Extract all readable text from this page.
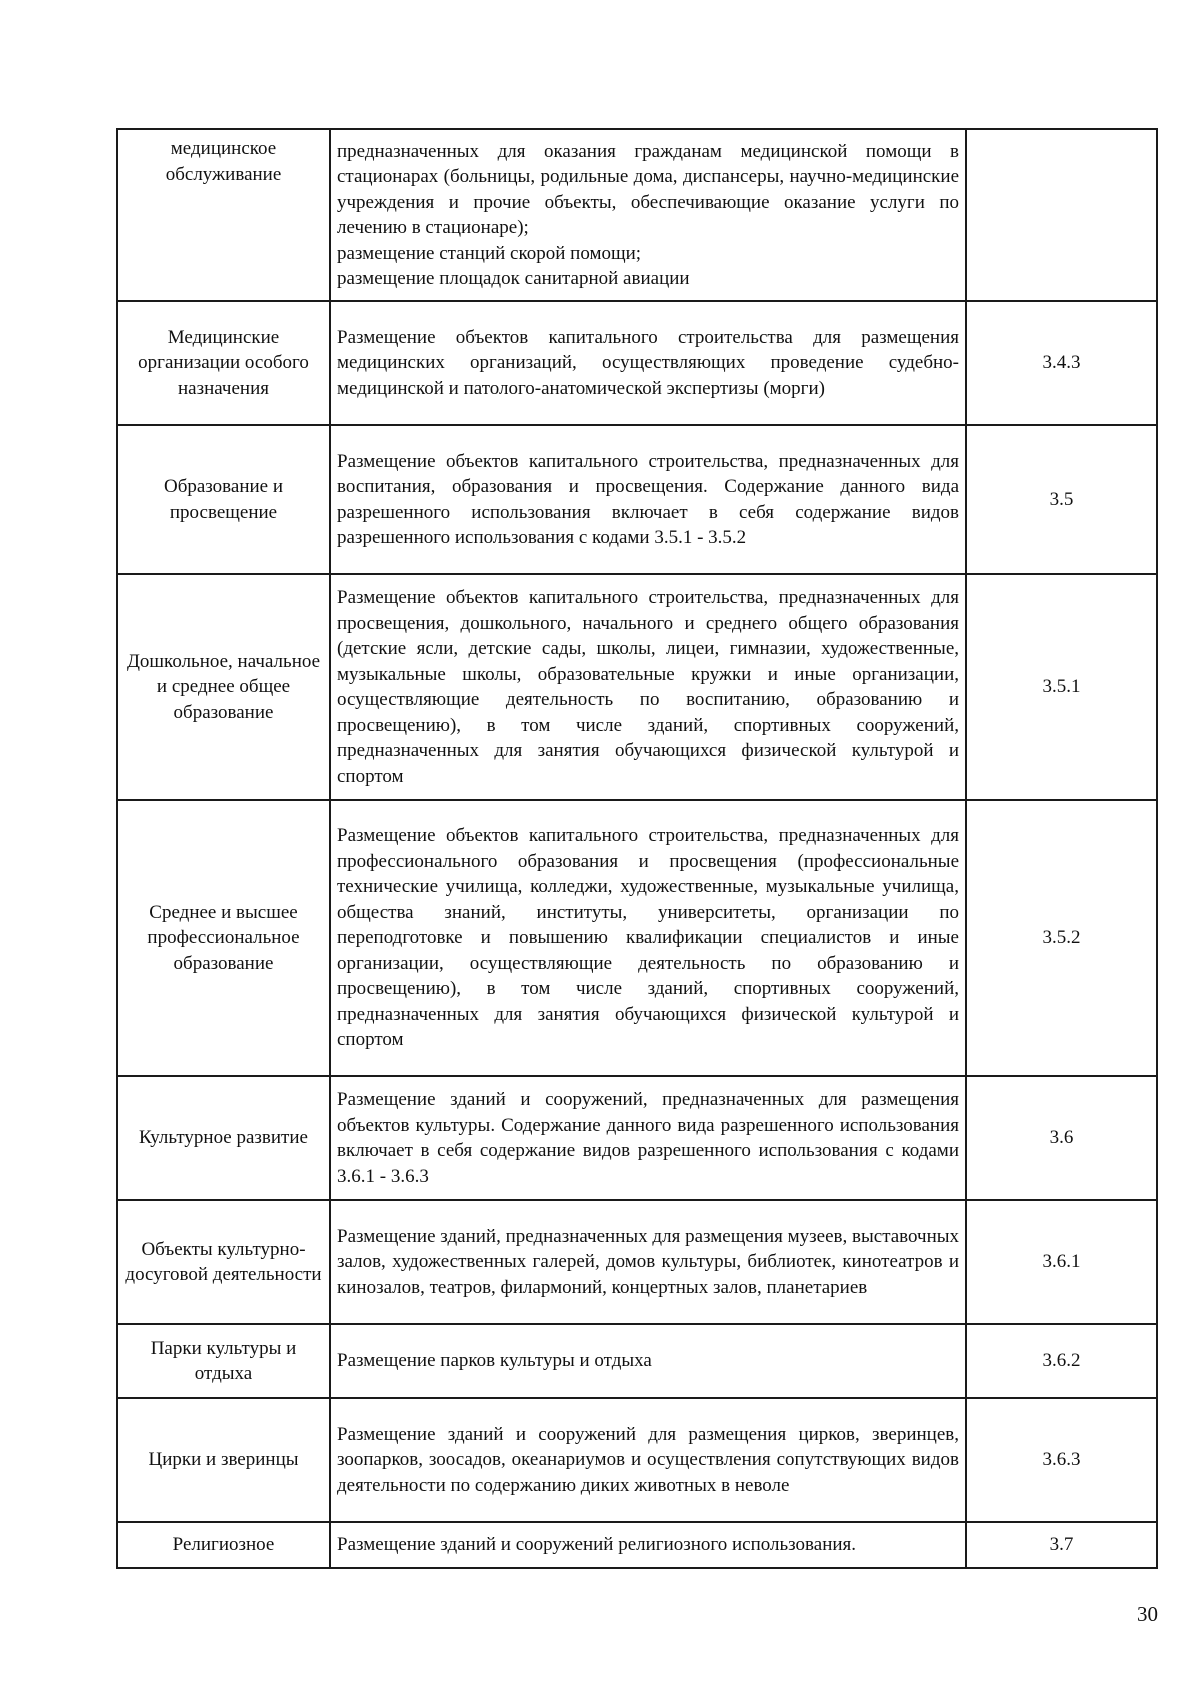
медицинское обслуживание	предназначенных для оказания гражданам медицинской помощи в стационарах (больницы, родильные дома, диспансеры, научно-медицинские учреждения и прочие объекты, обеспечивающие оказание услуги по лечению в стационаре);
размещение станций скорой помощи;
размещение площадок санитарной авиации	

Медицинские организации особого назначения	Размещение объектов капитального строительства для размещения медицинских организаций, осуществляющих проведение судебно-медицинской и патолого-анатомической экспертизы (морги)	3.4.3
Образование и просвещение	Размещение объектов капитального строительства, предназначенных для воспитания, образования и просвещения. Содержание данного вида разрешенного использования включает в себя содержание видов разрешенного использования с кодами 3.5.1 - 3.5.2	3.5
Дошкольное, начальное и среднее общее образование	Размещение объектов капитального строительства, предназначенных для просвещения, дошкольного, начального и среднего общего образования (детские ясли, детские сады, школы, лицеи, гимназии, художественные, музыкальные школы, образовательные кружки и иные организации, осуществляющие деятельность по воспитанию, образованию и просвещению), в том числе зданий, спортивных сооружений, предназначенных для занятия обучающихся физической культурой и спортом	3.5.1
Среднее и высшее профессиональное образование	Размещение объектов капитального строительства, предназначенных для профессионального образования и просвещения (профессиональные технические училища, колледжи, художественные, музыкальные училища, общества знаний, институты, университеты, организации по переподготовке и повышению квалификации специалистов и иные организации, осуществляющие деятельность по образованию и просвещению), в том числе зданий, спортивных сооружений, предназначенных для занятия обучающихся физической культурой и спортом	3.5.2
Культурное развитие	Размещение зданий и сооружений, предназначенных для размещения объектов культуры. Содержание данного вида разрешенного использования включает в себя содержание видов разрешенного использования с кодами 3.6.1 - 3.6.3	3.6
Объекты культурно-досуговой деятельности	Размещение зданий, предназначенных для размещения музеев, выставочных залов, художественных галерей, домов культуры, библиотек, кинотеатров и кинозалов, театров, филармоний, концертных залов, планетариев	3.6.1
Парки культуры и отдыха	Размещение парков культуры и отдыха	3.6.2
Цирки и зверинцы	Размещение зданий и сооружений для размещения цирков, зверинцев, зоопарков, зоосадов, океанариумов и осуществления сопутствующих видов деятельности по содержанию диких животных в неволе	3.6.3
Религиозное	Размещение зданий и сооружений религиозного использования.	3.7
30
